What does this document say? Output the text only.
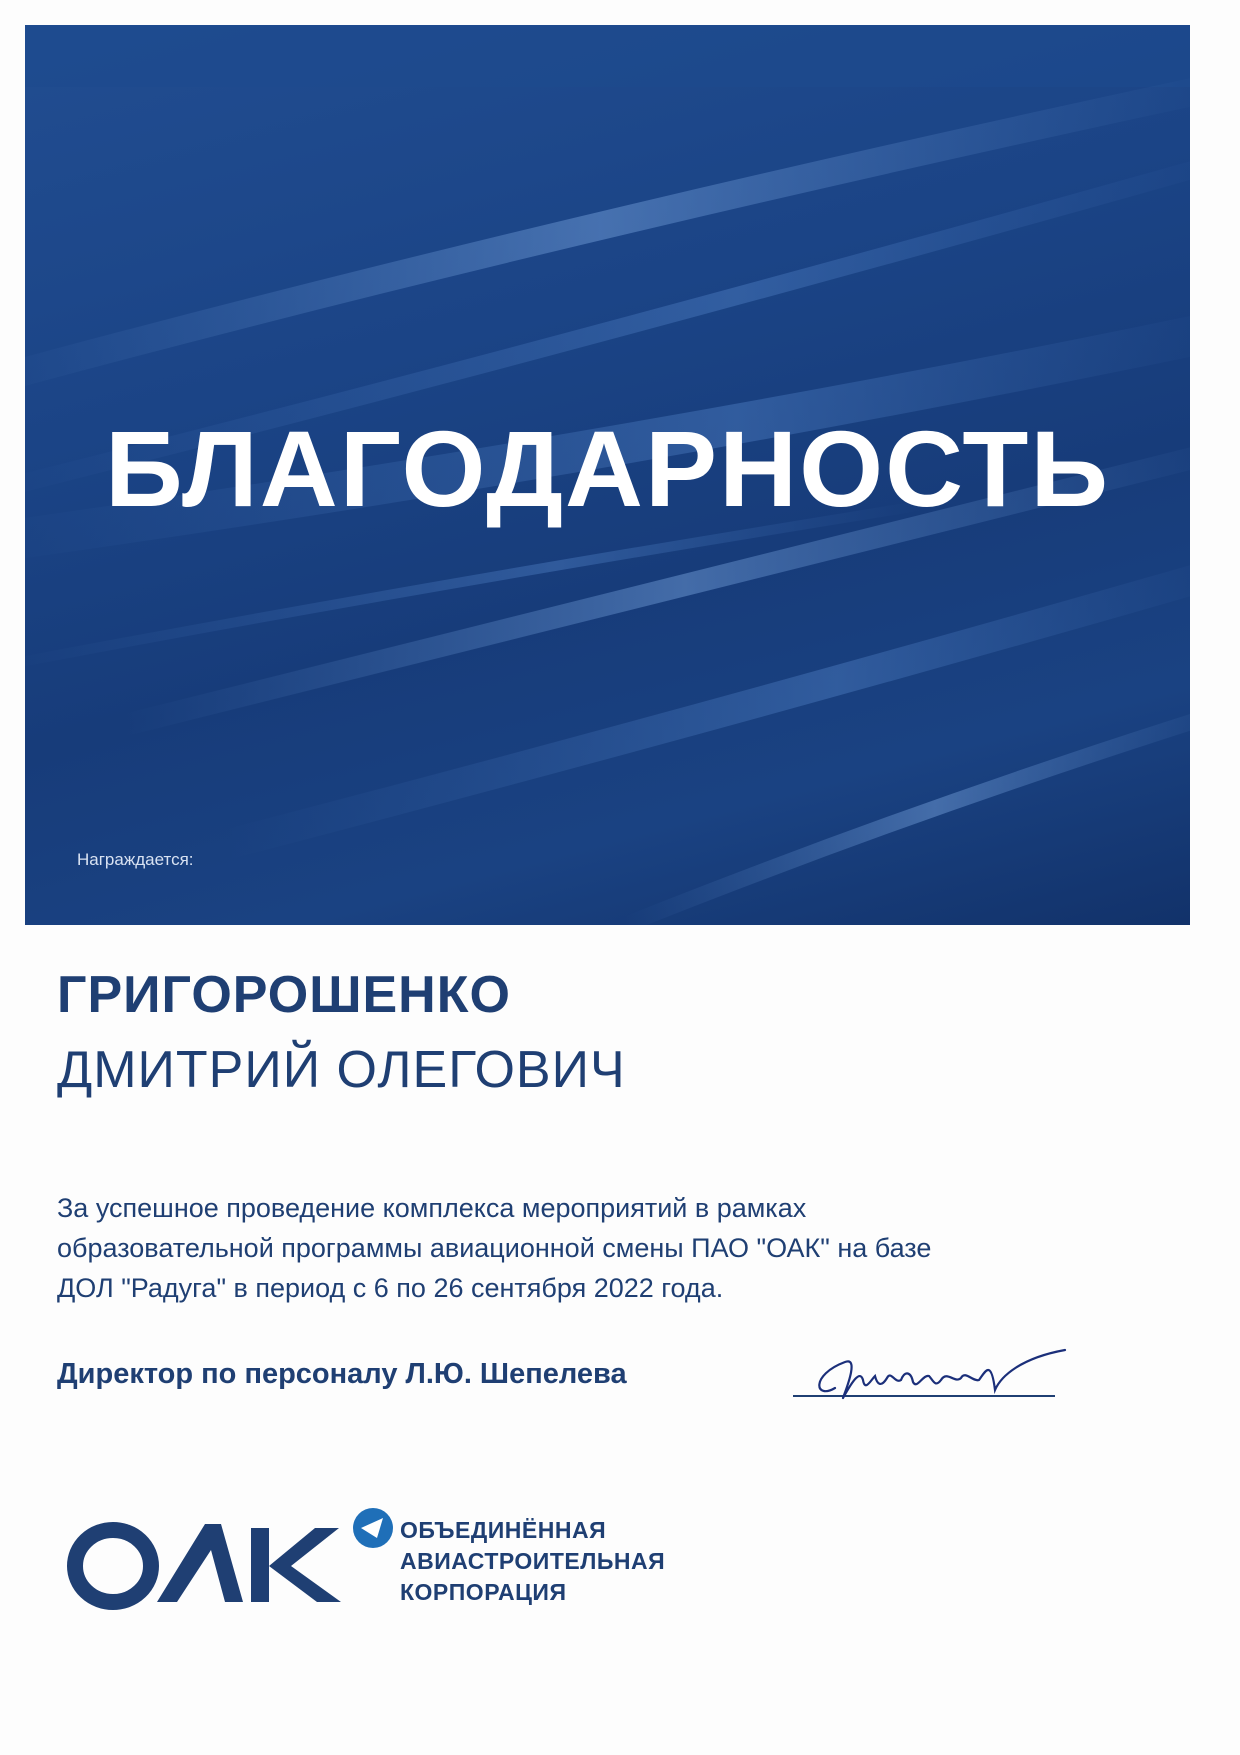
БЛАГОДАРНОСТЬ
Награждается:
ГРИГОРОШЕНКО
ДМИТРИЙ ОЛЕГОВИЧ
За успешное проведение комплекса мероприятий в рамках
образовательной программы авиационной смены ПАО "ОАК" на базе
ДОЛ "Радуга" в период с 6 по 26 сентября 2022 года.
Директор по персоналу Л.Ю. Шепелева
ОБЪЕДИНЁННАЯ
АВИАСТРОИТЕЛЬНАЯ
КОРПОРАЦИЯ
